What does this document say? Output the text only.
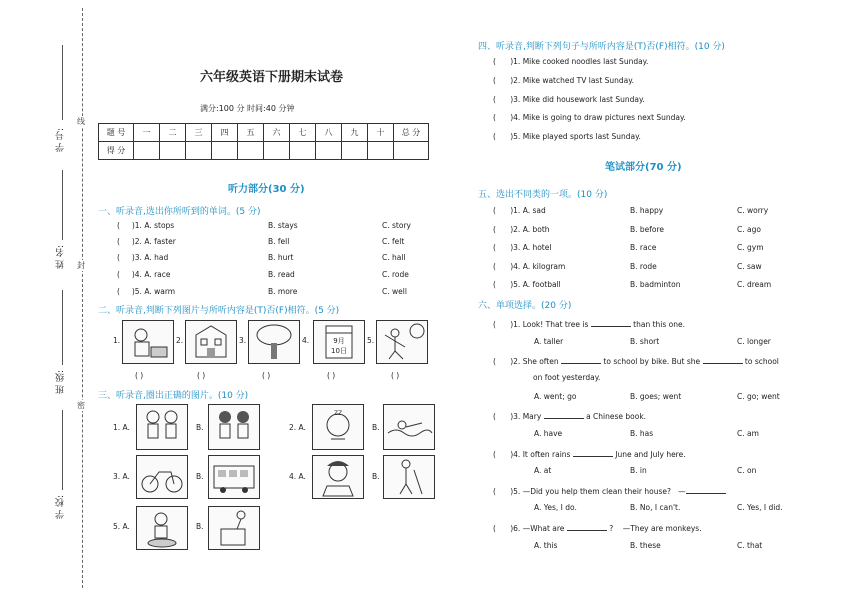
线
封
密
学 号:
姓 名:
班 级:
学 校:
六年级英语下册期末试卷
满分:100 分 时间:40 分钟
题 号	一	二	三	四	五	六	七	八	九	十	总 分
得 分											
听力部分(30 分)
一、听录音,选出你所听到的单词。(5 分)
(     )1. A. stops	B. stays	C. story
(     )2. A. faster	B. fell	C. felt
(     )3. A. had	B. hurt	C. hall
(     )4. A. race	B. read	C. rode
(     )5. A. warm	B. more	C. well
二、听录音,判断下列图片与所听内容是(T)否(F)相符。(5 分)
1.	2.	3.	4.	9月
10日
5.
( )	( )	( )	( )	( )
三、听录音,圈出正确的图片。(10 分)
1. A.	B.	2. A.
ZZ
B.
3. A.	B.	4. A.	B.
5. A.	B.
四、听录音,判断下列句子与所听内容是(T)否(F)相符。(10 分)
(      )1. Mike cooked noodles last Sunday.
(      )2. Mike watched TV last Sunday.
(      )3. Mike did housework last Sunday.
(      )4. Mike is going to draw pictures next Sunday.
(      )5. Mike played sports last Sunday.
笔试部分(70 分)
五、选出不同类的一项。(10 分)
(      )1. A. sad	B. happy	C. worry
(      )2. A. both	B. before	C. ago
(      )3. A. hotel	B. race	C. gym
(      )4. A. kilogram	B. rode	C. saw
(      )5. A. football	B. badminton	C. dream
六、单项选择。(20 分)
(      )1. Look! That tree is	than this one.
A. taller	B. short	C. longer
(      )2. She often	to school by bike. But she	to school
on foot yesterday.
A. went; go	B. goes; went	C. go; went
(      )3. Mary	a Chinese book.
A. have	B. has	C. am
(      )4. It often rains	June and July here.
A. at	B. in	C. on
(      )5. —Did you help them clean their house? —
A. Yes, I do.	B. No, I can't.	C. Yes, I did.
(      )6. —What are	? —They are monkeys.
A. this	B. these	C. that
